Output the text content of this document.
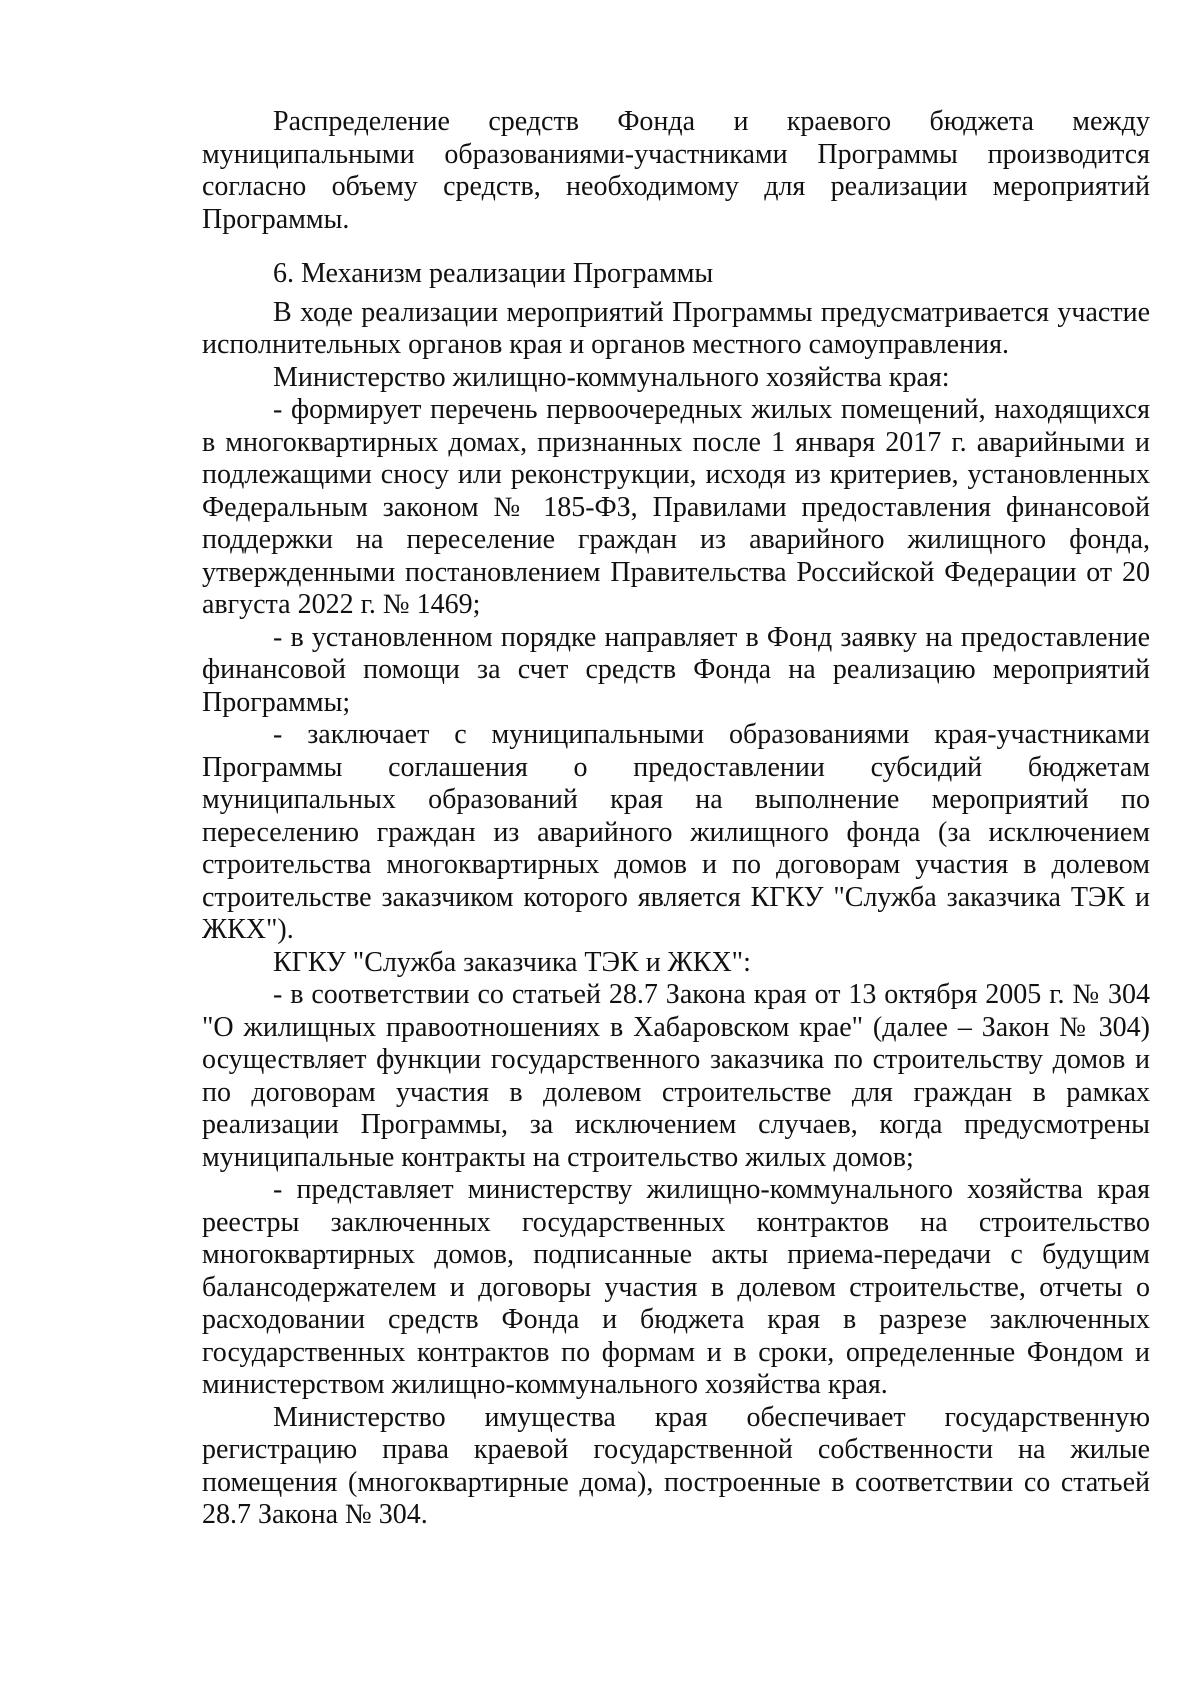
Распределение средств Фонда и краевого бюджета между муниципальными образованиями-участниками Программы производится согласно объему средств, необходимому для реализации мероприятий Программы.

6. Механизм реализации Программы

В ходе реализации мероприятий Программы предусматривается участие исполнительных органов края и органов местного самоуправления.

Министерство жилищно-коммунального хозяйства края:

- формирует перечень первоочередных жилых помещений, находящихся в многоквартирных домах, признанных после 1 января 2017 г. аварийными и подлежащими сносу или реконструкции, исходя из критериев, установленных Федеральным законом № 185-ФЗ, Правилами предоставления финансовой поддержки на переселение граждан из аварийного жилищного фонда, утвержденными постановлением Правительства Российской Федерации от 20 августа 2022 г. № 1469;

- в установленном порядке направляет в Фонд заявку на предоставление финансовой помощи за счет средств Фонда на реализацию мероприятий Программы;

- заключает с муниципальными образованиями края-участниками Программы соглашения о предоставлении субсидий бюджетам муниципальных образований края на выполнение мероприятий по переселению граждан из аварийного жилищного фонда (за исключением строительства многоквартирных домов и по договорам участия в долевом строительстве заказчиком которого является КГКУ "Служба заказчика ТЭК и ЖКХ").

КГКУ "Служба заказчика ТЭК и ЖКХ":

- в соответствии со статьей 28.7 Закона края от 13 октября 2005 г. № 304 "О жилищных правоотношениях в Хабаровском крае" (далее – Закон № 304) осуществляет функции государственного заказчика по строительству домов и по договорам участия в долевом строительстве для граждан в рамках реализации Программы, за исключением случаев, когда предусмотрены муниципальные контракты на строительство жилых домов;

- представляет министерству жилищно-коммунального хозяйства края реестры заключенных государственных контрактов на строительство многоквартирных домов, подписанные акты приема-передачи с будущим балансодержателем и договоры участия в долевом строительстве, отчеты о расходовании средств Фонда и бюджета края в разрезе заключенных государственных контрактов по формам и в сроки, определенные Фондом и министерством жилищно-коммунального хозяйства края.

Министерство имущества края обеспечивает государственную регистрацию права краевой государственной собственности на жилые помещения (многоквартирные дома), построенные в соответствии со статьей 28.7 Закона № 304.
